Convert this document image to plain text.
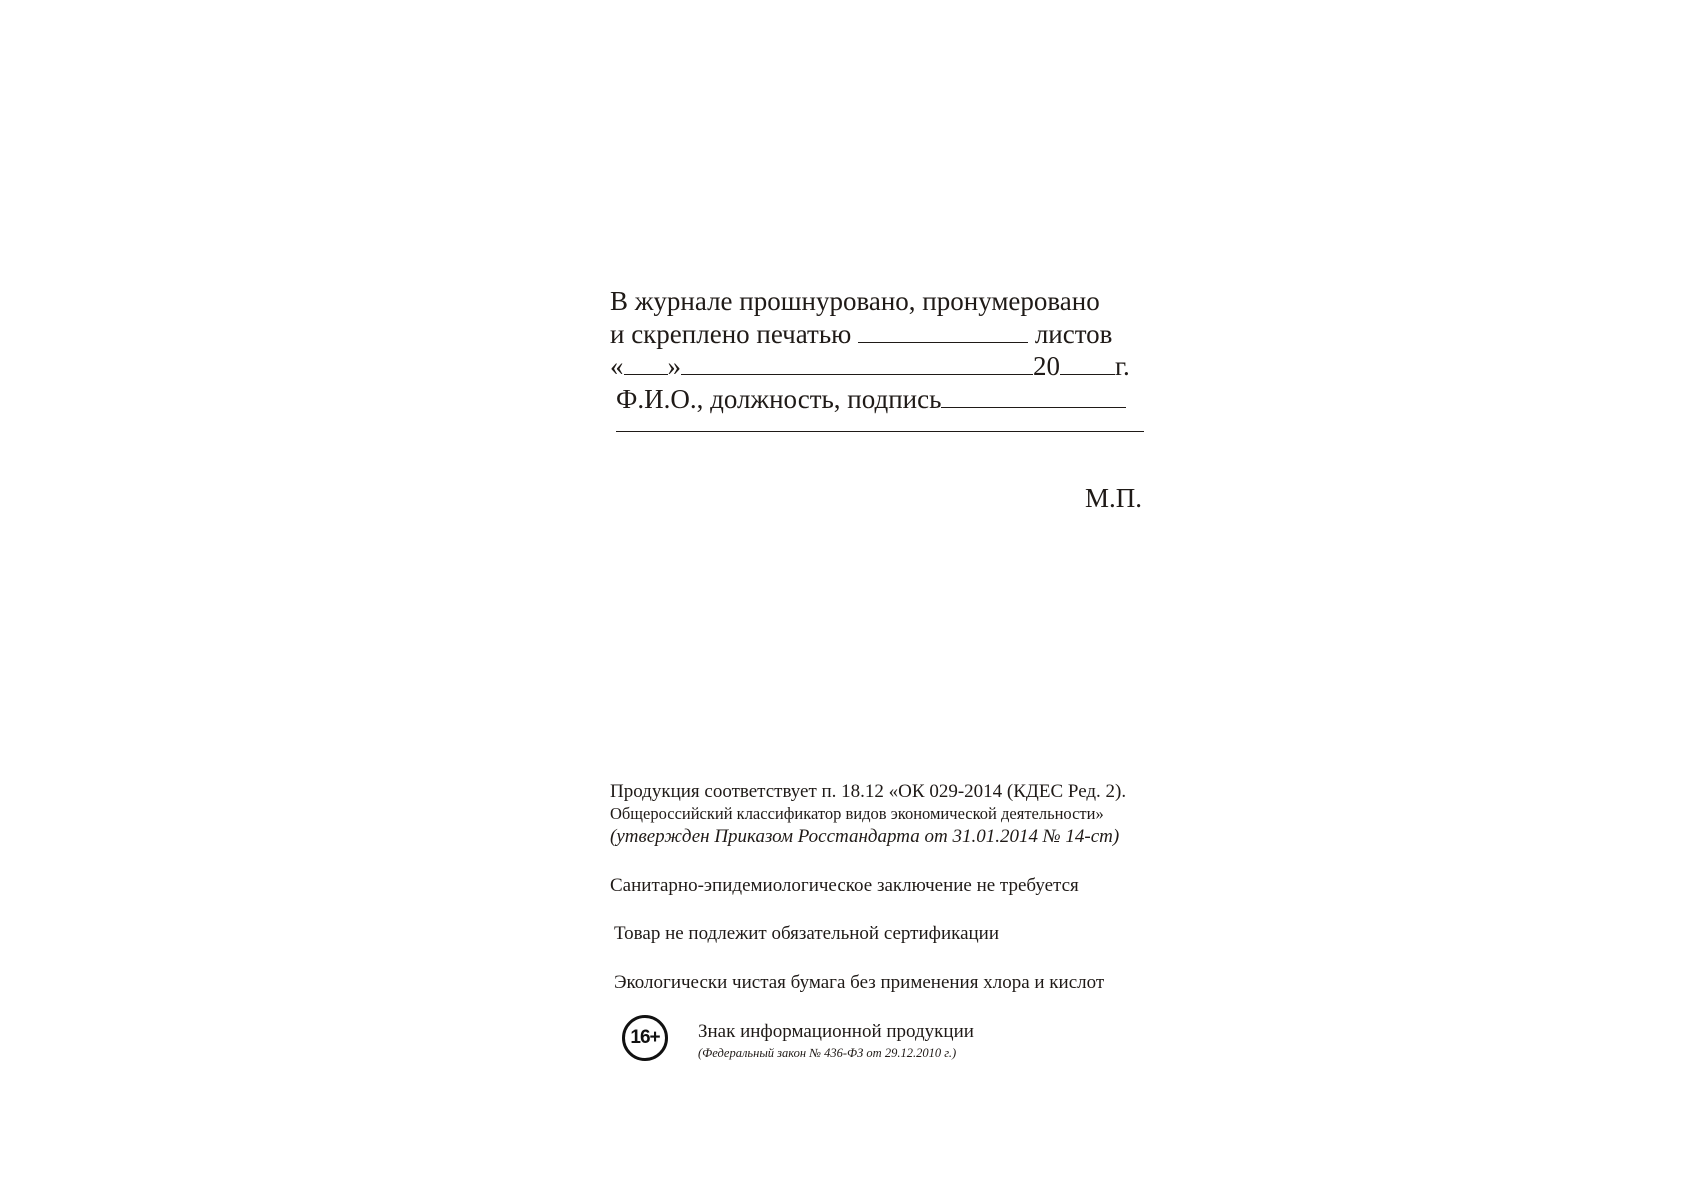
В журнале прошнуровано, пронумеровано
и скреплено печатью	листов
« »	20 г.
Ф.И.О., должность, подпись
М.П.
Продукция соответствует п. 18.12 «ОК 029-2014 (КДЕС Ред. 2).
Общероссийский классификатор видов экономической деятельности»
(утвержден Приказом Росстандарта от 31.01.2014 № 14-ст)
Санитарно-эпидемиологическое заключение не требуется
Товар не подлежит обязательной сертификации
Экологически чистая бумага без применения хлора и кислот
16+	Знак информационной продукции
(Федеральный закон № 436-ФЗ от 29.12.2010 г.)
